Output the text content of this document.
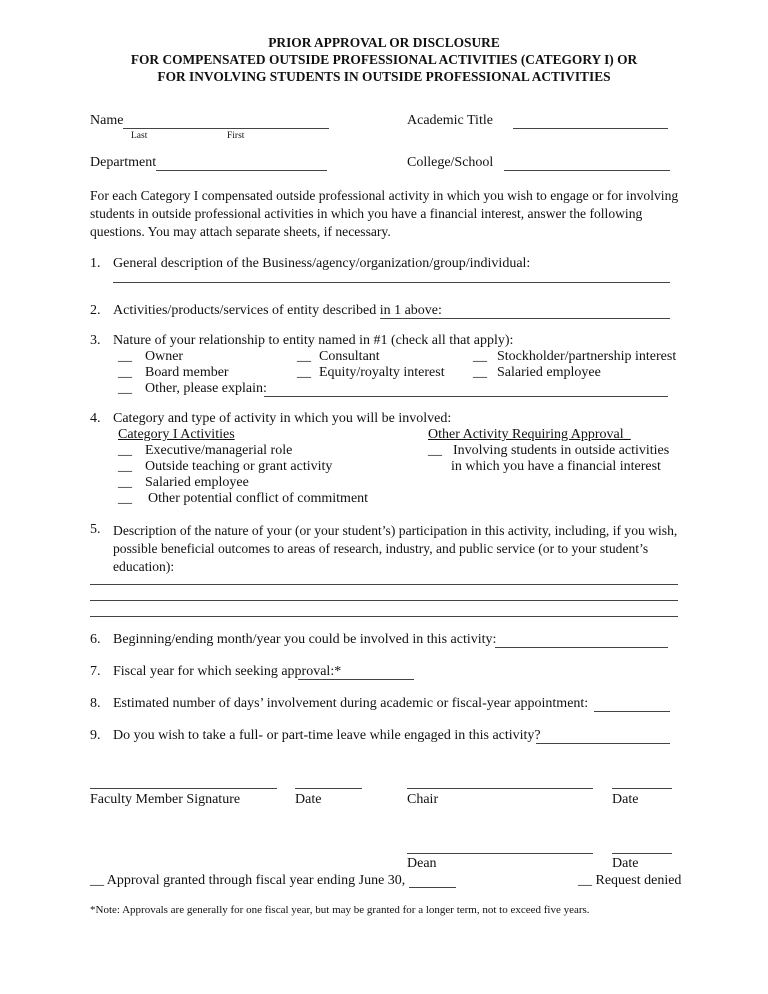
PRIOR APPROVAL OR DISCLOSURE
FOR COMPENSATED OUTSIDE PROFESSIONAL ACTIVITIES (CATEGORY I) OR
FOR INVOLVING STUDENTS IN OUTSIDE PROFESSIONAL ACTIVITIES
Name
Last	First
Academic Title
Department	College/School
For each Category I compensated outside professional activity in which you wish to engage or for involving students in outside professional activities in which you have a financial interest, answer the following questions. You may attach separate sheets, if necessary.
1. General description of the Business/agency/organization/group/individual:
2. Activities/products/services of entity described in 1 above:
3. Nature of your relationship to entity named in #1 (check all that apply):
__ Owner	__ Consultant	__ Stockholder/partnership interest
__ Board member	__ Equity/royalty interest __ Salaried employee
__ Other, please explain:
4. Category and type of activity in which you will be involved:
Category I Activities	Other Activity Requiring Approval_
__ Executive/managerial role	__ Involving students in outside activities
__ Outside teaching or grant activity	in which you have a financial interest
__ Salaried employee
__ Other potential conflict of commitment
5. Description of the nature of your (or your student’s) participation in this activity, including, if you wish, possible beneficial outcomes to areas of research, industry, and public service (or to your student’s education):
6. Beginning/ending month/year you could be involved in this activity:
7. Fiscal year for which seeking approval:*
8. Estimated number of days’ involvement during academic or fiscal-year appointment:
9. Do you wish to take a full- or part-time leave while engaged in this activity?
Faculty Member Signature	Date	Chair	Date
Dean	Date
__ Approval granted through fiscal year ending June 30,	__ Request denied
*Note: Approvals are generally for one fiscal year, but may be granted for a longer term, not to exceed five years.
